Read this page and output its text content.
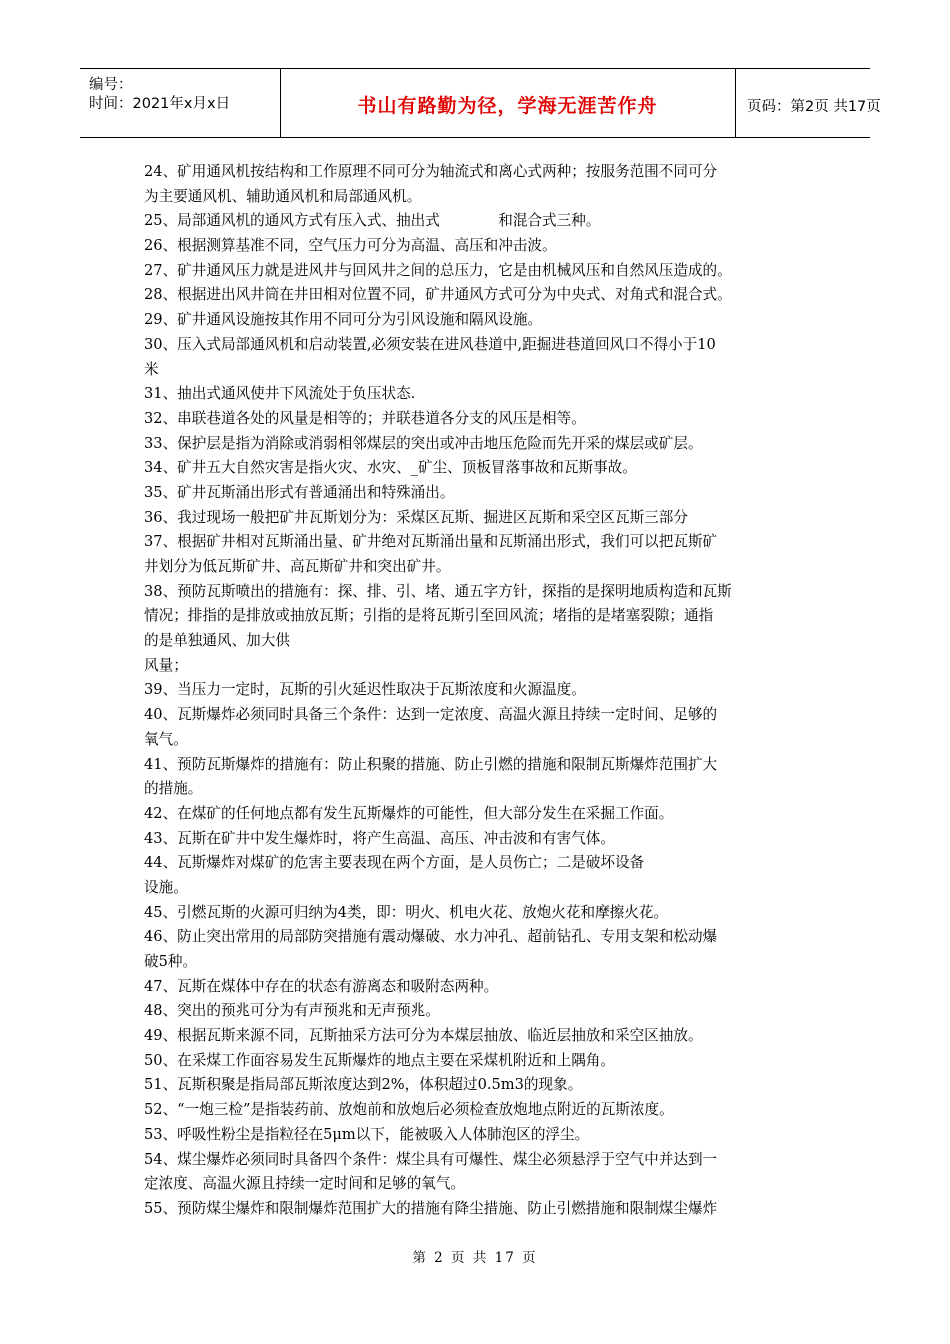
编号：
时间：2021年x月x日	书山有路勤为径，学海无涯苦作舟	页码：第2页 共17页
24、矿用通风机按结构和工作原理不同可分为轴流式和离心式两种；按服务范围不同可分
为主要通风机、辅助通风机和局部通风机。
25、局部通风机的通风方式有压入式、抽出式　　　　和混合式三种。
26、根据测算基准不同，空气压力可分为高温、高压和冲击波。
27、矿井通风压力就是进风井与回风井之间的总压力，它是由机械风压和自然风压造成的。
28、根据进出风井筒在井田相对位置不同，矿井通风方式可分为中央式、对角式和混合式。
29、矿井通风设施按其作用不同可分为引风设施和隔风设施。
30、压入式局部通风机和启动装置,必须安装在进风巷道中,距掘进巷道回风口不得小于10
米
31、抽出式通风使井下风流处于负压状态.
32、串联巷道各处的风量是相等的；并联巷道各分支的风压是相等。
33、保护层是指为消除或消弱相邻煤层的突出或冲击地压危险而先开采的煤层或矿层。
34、矿井五大自然灾害是指火灾、水灾、_矿尘、顶板冒落事故和瓦斯事故。
35、矿井瓦斯涌出形式有普通涌出和特殊涌出。
36、我过现场一般把矿井瓦斯划分为：采煤区瓦斯、掘进区瓦斯和采空区瓦斯三部分
37、根据矿井相对瓦斯涌出量、矿井绝对瓦斯涌出量和瓦斯涌出形式，我们可以把瓦斯矿
井划分为低瓦斯矿井、高瓦斯矿井和突出矿井。
38、预防瓦斯喷出的措施有：探、排、引、堵、通五字方针，探指的是探明地质构造和瓦斯
情况；排指的是排放或抽放瓦斯；引指的是将瓦斯引至回风流；堵指的是堵塞裂隙；通指
的是单独通风、加大供
风量；
39、当压力一定时，瓦斯的引火延迟性取决于瓦斯浓度和火源温度。
40、瓦斯爆炸必须同时具备三个条件：达到一定浓度、高温火源且持续一定时间、足够的
氧气。
41、预防瓦斯爆炸的措施有：防止积聚的措施、防止引燃的措施和限制瓦斯爆炸范围扩大
的措施。
42、在煤矿的任何地点都有发生瓦斯爆炸的可能性，但大部分发生在采掘工作面。
43、瓦斯在矿井中发生爆炸时，将产生高温、高压、冲击波和有害气体。
44、瓦斯爆炸对煤矿的危害主要表现在两个方面，是人员伤亡；二是破坏设备
设施。
45、引燃瓦斯的火源可归纳为4类，即：明火、机电火花、放炮火花和摩擦火花。
46、防止突出常用的局部防突措施有震动爆破、水力冲孔、超前钻孔、专用支架和松动爆
破5种。
47、瓦斯在煤体中存在的状态有游离态和吸附态两种。
48、突出的预兆可分为有声预兆和无声预兆。
49、根据瓦斯来源不同，瓦斯抽采方法可分为本煤层抽放、临近层抽放和采空区抽放。
50、在采煤工作面容易发生瓦斯爆炸的地点主要在采煤机附近和上隅角。
51、瓦斯积聚是指局部瓦斯浓度达到2%，体积超过0.5m3的现象。
52、“一炮三检”是指装药前、放炮前和放炮后必须检查放炮地点附近的瓦斯浓度。
53、呼吸性粉尘是指粒径在5μm以下，能被吸入人体肺泡区的浮尘。
54、煤尘爆炸必须同时具备四个条件：煤尘具有可爆性、煤尘必须悬浮于空气中并达到一
定浓度、高温火源且持续一定时间和足够的氧气。
55、预防煤尘爆炸和限制爆炸范围扩大的措施有降尘措施、防止引燃措施和限制煤尘爆炸
第 2 页 共 17 页
